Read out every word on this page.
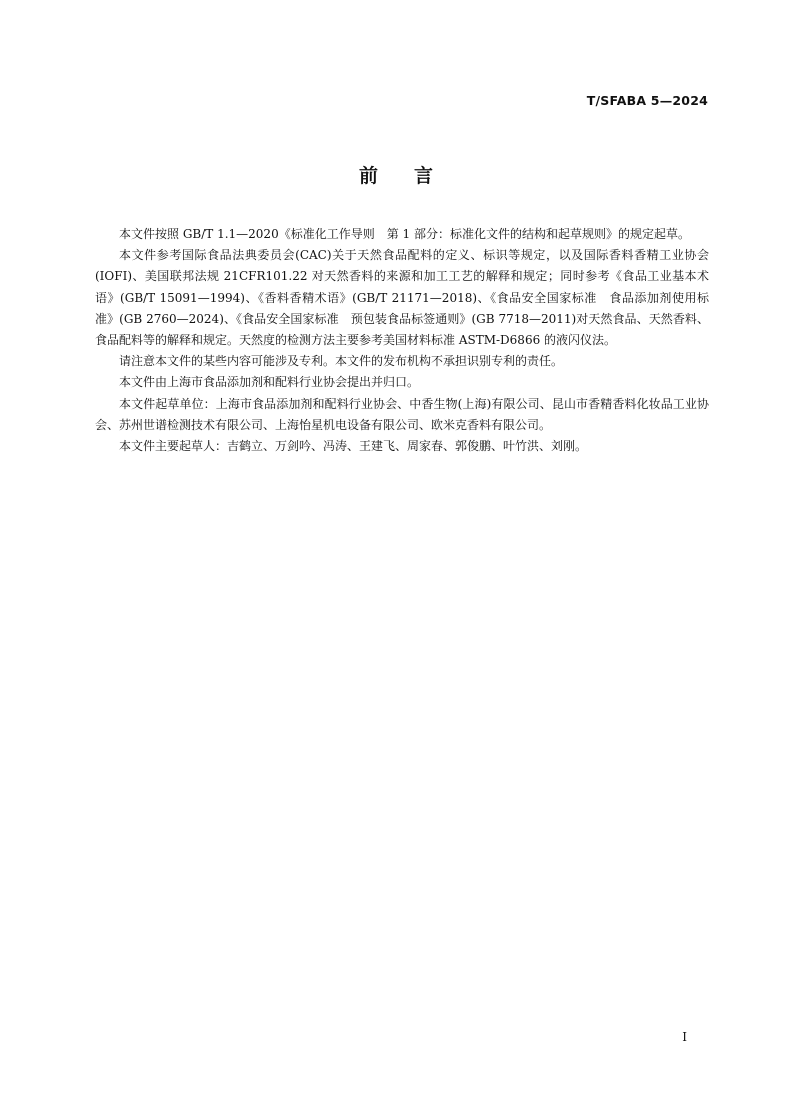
T/SFABA 5—2024
前言

本文件按照 GB/T 1.1—2020《标准化工作导则　第 1 部分：标准化文件的结构和起草规则》的规定起草。

本文件参考国际食品法典委员会(CAC)关于天然食品配料的定义、标识等规定，以及国际香料香精工业协会(IOFI)、美国联邦法规 21CFR101.22 对天然香料的来源和加工工艺的解释和规定；同时参考《食品工业基本术语》(GB/T 15091—1994)、《香料香精术语》(GB/T 21171—2018)、《食品安全国家标准　食品添加剂使用标准》(GB 2760—2024)、《食品安全国家标准　预包装食品标签通则》(GB 7718—2011)对天然食品、天然香料、食品配料等的解释和规定。天然度的检测方法主要参考美国材料标准 ASTM-D6866 的液闪仪法。

请注意本文件的某些内容可能涉及专利。本文件的发布机构不承担识别专利的责任。

本文件由上海市食品添加剂和配料行业协会提出并归口。

本文件起草单位：上海市食品添加剂和配料行业协会、中香生物(上海)有限公司、昆山市香精香料化妆品工业协会、苏州世谱检测技术有限公司、上海怡星机电设备有限公司、欧米克香料有限公司。

本文件主要起草人：吉鹤立、万剑吟、冯涛、王建飞、周家春、郭俊鹏、叶竹洪、刘刚。

I
